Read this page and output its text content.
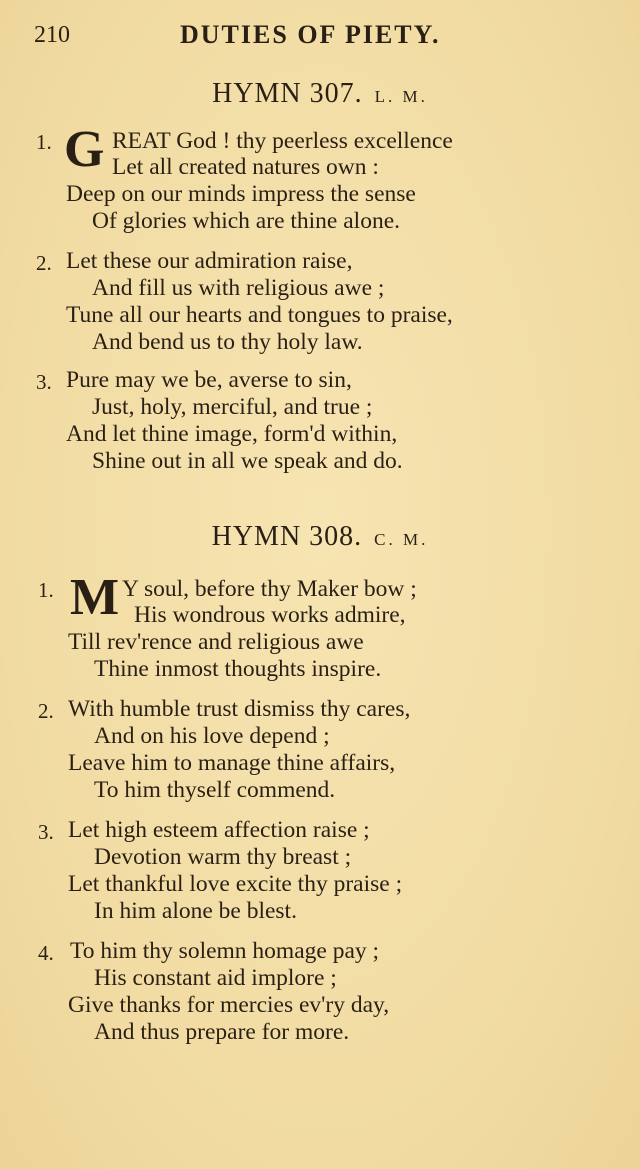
210	DUTIES OF PIETY.
HYMN 307. L. M.
1. G REAT God ! thy peerless excellence
Let all created natures own :
Deep on our minds impress the sense
Of glories which are thine alone.
2. Let these our admiration raise,
And fill us with religious awe ;
Tune all our hearts and tongues to praise,
And bend us to thy holy law.
3. Pure may we be, averse to sin,
Just, holy, merciful, and true ;
And let thine image, form'd within,
Shine out in all we speak and do.
HYMN 308. C. M.
1. M Y soul, before thy Maker bow ;
His wondrous works admire,
Till rev'rence and religious awe
Thine inmost thoughts inspire.
2. With humble trust dismiss thy cares,
And on his love depend ;
Leave him to manage thine affairs,
To him thyself commend.
3. Let high esteem affection raise ;
Devotion warm thy breast ;
Let thankful love excite thy praise ;
In him alone be blest.
4. To him thy solemn homage pay ;
His constant aid implore ;
Give thanks for mercies ev'ry day,
And thus prepare for more.
